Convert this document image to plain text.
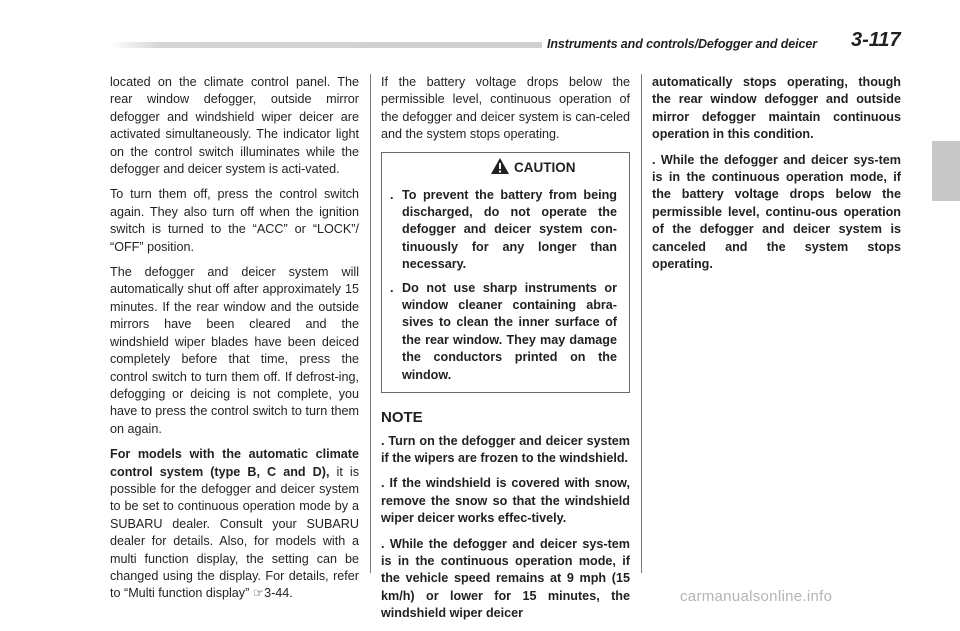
Instruments and controls/Defogger and deicer 3-117

located on the climate control panel. The rear window defogger, outside mirror defogger and windshield wiper deicer are activated simultaneously. The indicator light on the control switch illuminates while the defogger and deicer system is acti-vated.

To turn them off, press the control switch again. They also turn off when the ignition switch is turned to the “ACC” or “LOCK”/ “OFF” position.

The defogger and deicer system will automatically shut off after approximately 15 minutes. If the rear window and the outside mirrors have been cleared and the windshield wiper blades have been deiced completely before that time, press the control switch to turn them off. If defrost-ing, defogging or deicing is not complete, you have to press the control switch to turn them on again.

For models with the automatic climate control system (type B, C and D), it is possible for the defogger and deicer system to be set to continuous operation mode by a SUBARU dealer. Consult your SUBARU dealer for details. Also, for models with a multi function display, the setting can be changed using the display. For details, refer to “Multi function display” ☞3-44.

If the battery voltage drops below the permissible level, continuous operation of the defogger and deicer system is can-celed and the system stops operating.

CAUTION
. To prevent the battery from being discharged, do not operate the defogger and deicer system con-tinuously for any longer than necessary.
. Do not use sharp instruments or window cleaner containing abra-sives to clean the inner surface of the rear window. They may damage the conductors printed on the window.
NOTE

. Turn on the defogger and deicer system if the wipers are frozen to the windshield.

. If the windshield is covered with snow, remove the snow so that the windshield wiper deicer works effec-tively.

. While the defogger and deicer sys-tem is in the continuous operation mode, if the vehicle speed remains at 9 mph (15 km/h) or lower for 15 minutes, the windshield wiper deicer

automatically stops operating, though the rear window defogger and outside mirror defogger maintain continuous operation in this condition.

. While the defogger and deicer sys-tem is in the continuous operation mode, if the battery voltage drops below the permissible level, continu-ous operation of the defogger and deicer system is canceled and the system stops operating.

carmanualsonline.info
